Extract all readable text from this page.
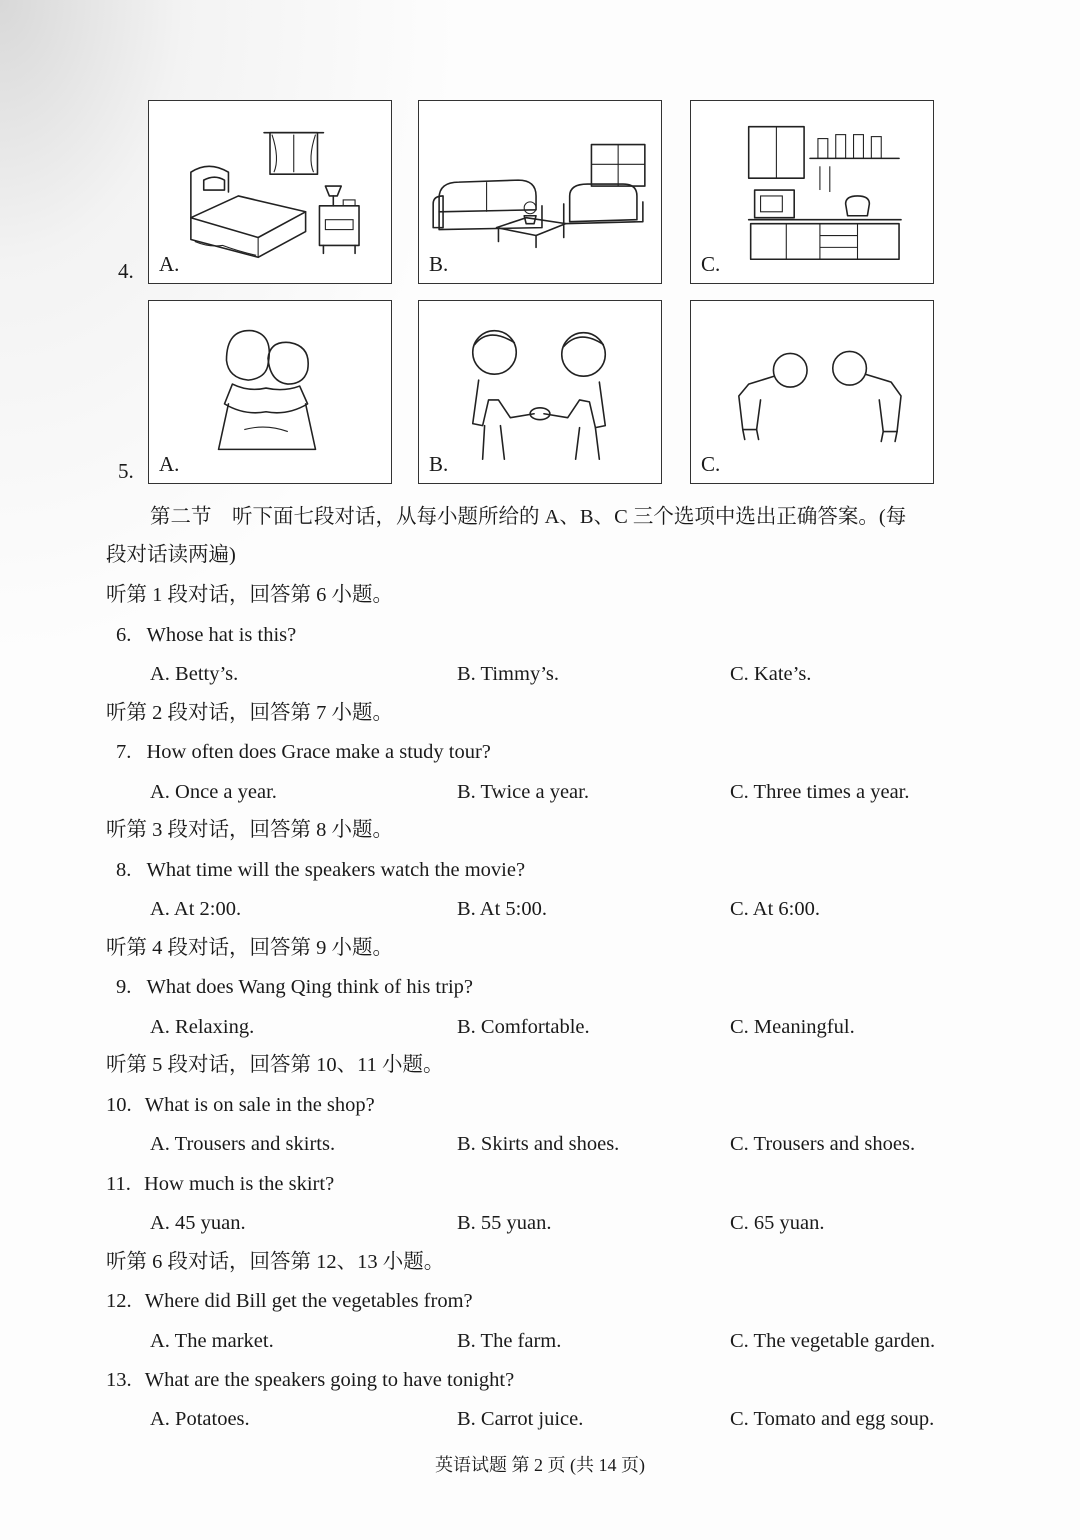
4. A.	B.	C.
5. A.	B.	C.
第二节　听下面七段对话，从每小题所给的 A、B、C 三个选项中选出正确答案。(每
段对话读两遍)
听第 1 段对话，回答第 6 小题。
6. Whose hat is this?
A. Betty’s.	B. Timmy’s.	C. Kate’s.
听第 2 段对话，回答第 7 小题。
7. How often does Grace make a study tour?
A. Once a year.	B. Twice a year.	C. Three times a year.
听第 3 段对话，回答第 8 小题。
8. What time will the speakers watch the movie?
A. At 2:00.	B. At 5:00.	C. At 6:00.
听第 4 段对话，回答第 9 小题。
9. What does Wang Qing think of his trip?
A. Relaxing.	B. Comfortable.	C. Meaningful.
听第 5 段对话，回答第 10、11 小题。
10. What is on sale in the shop?
A. Trousers and skirts.	B. Skirts and shoes.	C. Trousers and shoes.
11. How much is the skirt?
A. 45 yuan.	B. 55 yuan.	C. 65 yuan.
听第 6 段对话，回答第 12、13 小题。
12. Where did Bill get the vegetables from?
A. The market.	B. The farm.	C. The vegetable garden.
13. What are the speakers going to have tonight?
A. Potatoes.	B. Carrot juice.	C. Tomato and egg soup.
英语试题 第 2 页 (共 14 页)
